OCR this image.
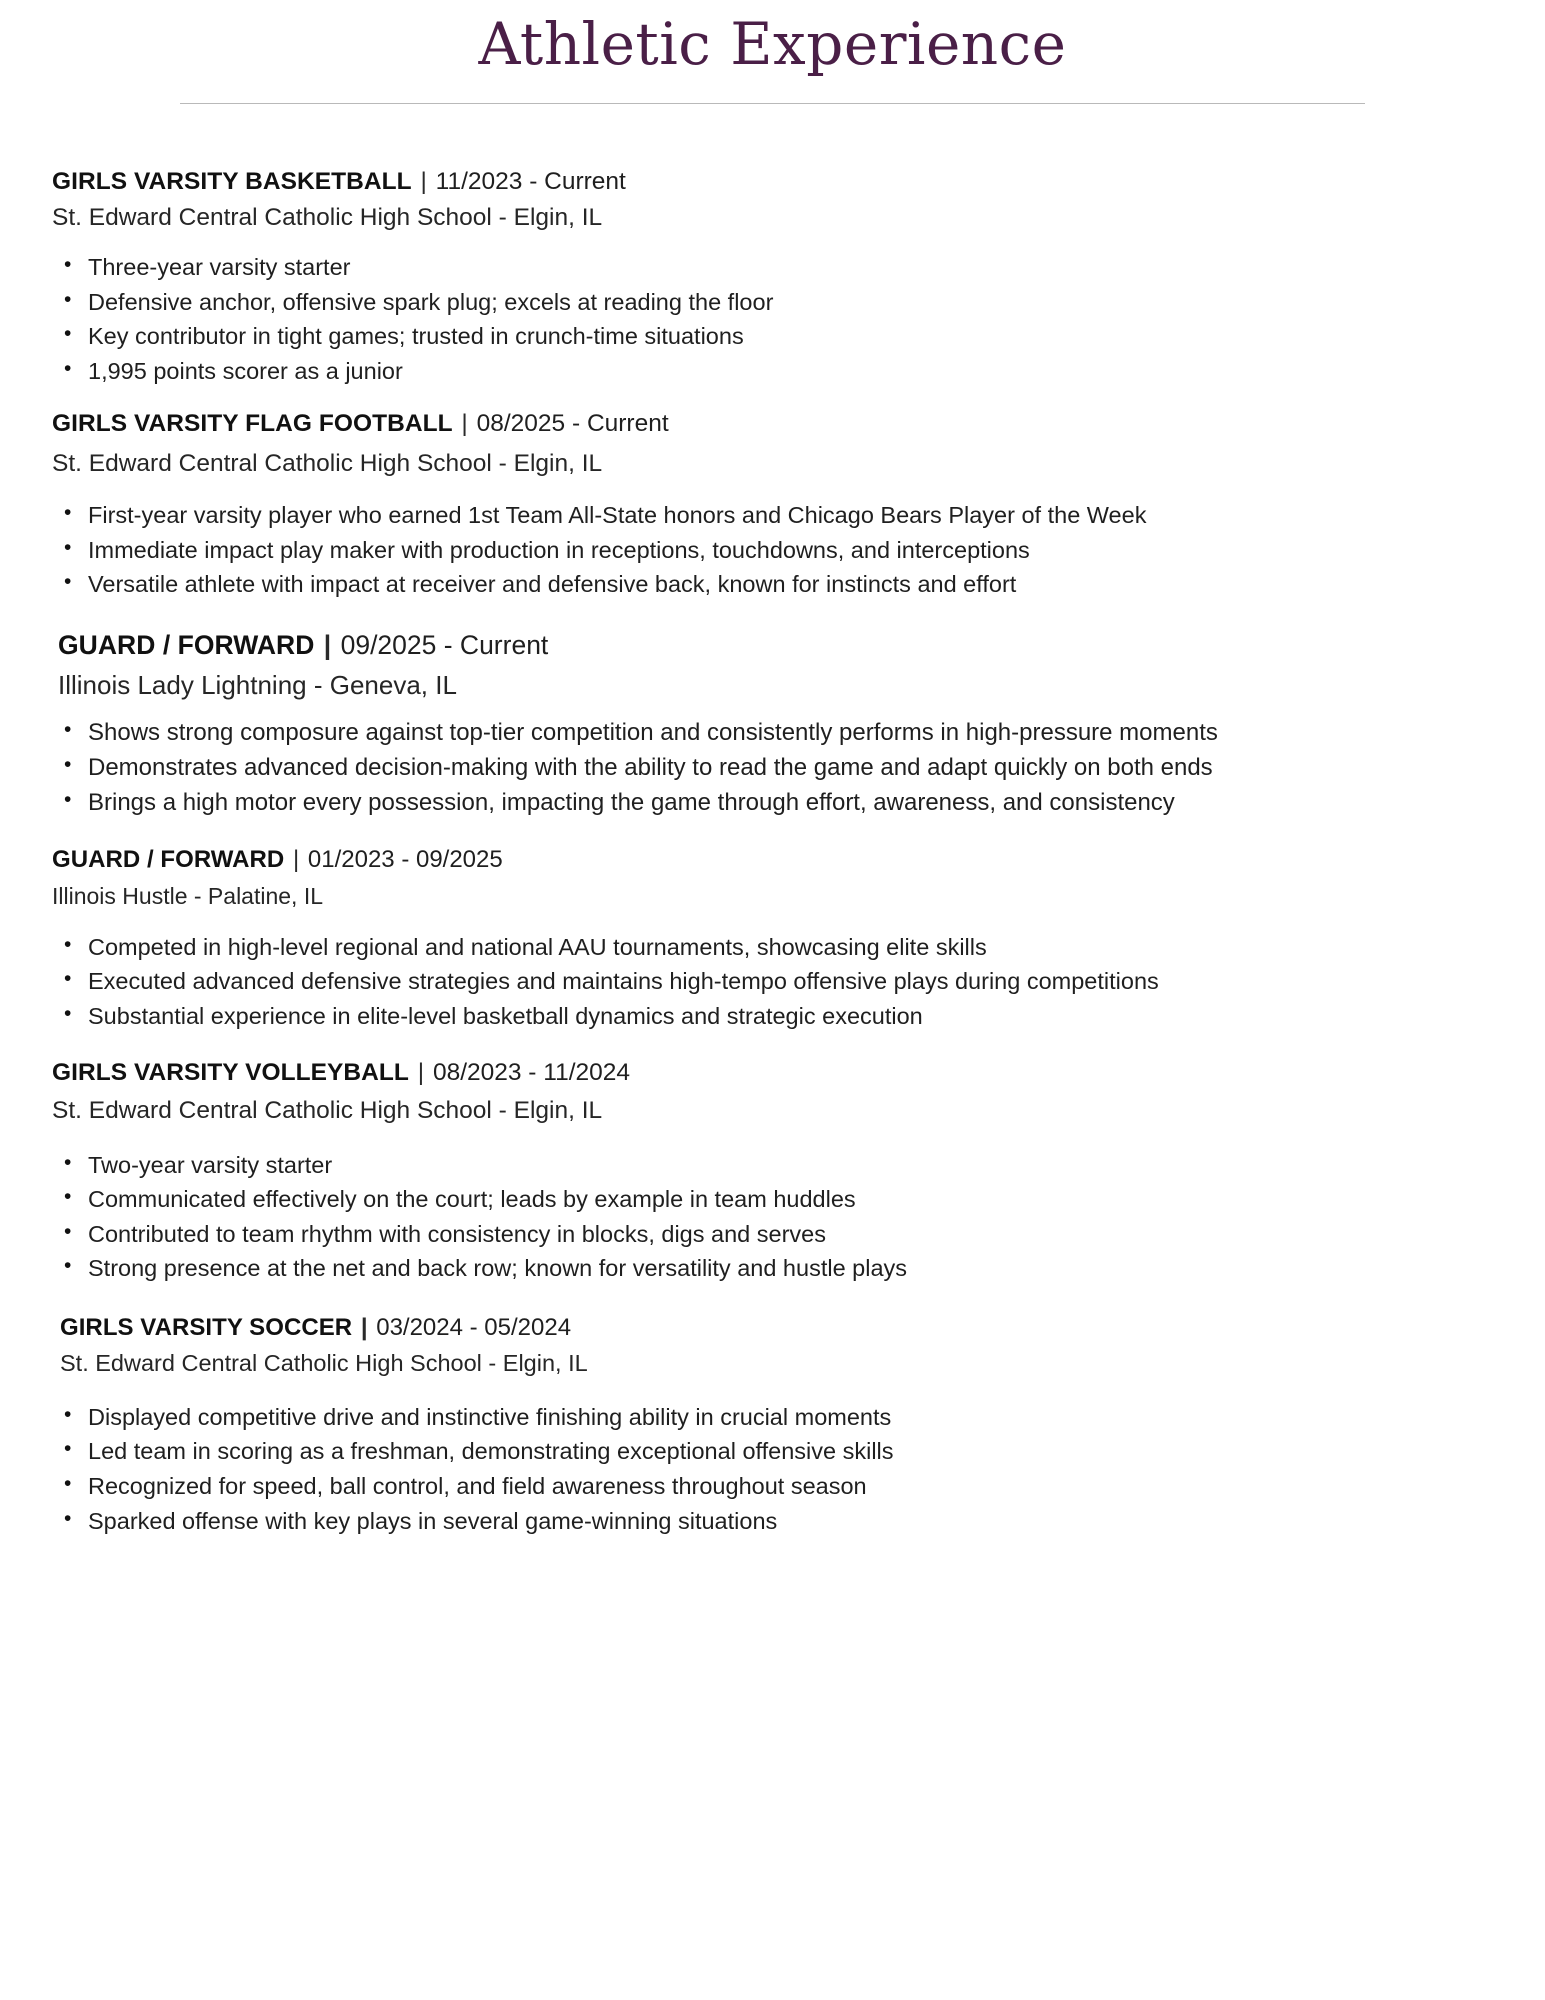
Athletic Experience
GIRLS VARSITY BASKETBALL | 11/2023 - Current
St. Edward Central Catholic High School - Elgin, IL
• Three-year varsity starter
• Defensive anchor, offensive spark plug; excels at reading the floor
• Key contributor in tight games; trusted in crunch-time situations
• 1,995 points scorer as a junior
GIRLS VARSITY FLAG FOOTBALL | 08/2025 - Current
St. Edward Central Catholic High School - Elgin, IL
• First-year varsity player who earned 1st Team All-State honors and Chicago Bears Player of the Week
• Immediate impact play maker with production in receptions, touchdowns, and interceptions
• Versatile athlete with impact at receiver and defensive back, known for instincts and effort
GUARD / FORWARD | 09/2025 - Current
Illinois Lady Lightning - Geneva, IL
• Shows strong composure against top-tier competition and consistently performs in high-pressure moments
• Demonstrates advanced decision-making with the ability to read the game and adapt quickly on both ends
• Brings a high motor every possession, impacting the game through effort, awareness, and consistency
GUARD / FORWARD | 01/2023 - 09/2025
Illinois Hustle - Palatine, IL
• Competed in high-level regional and national AAU tournaments, showcasing elite skills
• Executed advanced defensive strategies and maintains high-tempo offensive plays during competitions
• Substantial experience in elite-level basketball dynamics and strategic execution
GIRLS VARSITY VOLLEYBALL | 08/2023 - 11/2024
St. Edward Central Catholic High School - Elgin, IL
• Two-year varsity starter
• Communicated effectively on the court; leads by example in team huddles
• Contributed to team rhythm with consistency in blocks, digs and serves
• Strong presence at the net and back row; known for versatility and hustle plays
GIRLS VARSITY SOCCER | 03/2024 - 05/2024
St. Edward Central Catholic High School - Elgin, IL
• Displayed competitive drive and instinctive finishing ability in crucial moments
• Led team in scoring as a freshman, demonstrating exceptional offensive skills
• Recognized for speed, ball control, and field awareness throughout season
• Sparked offense with key plays in several game-winning situations
